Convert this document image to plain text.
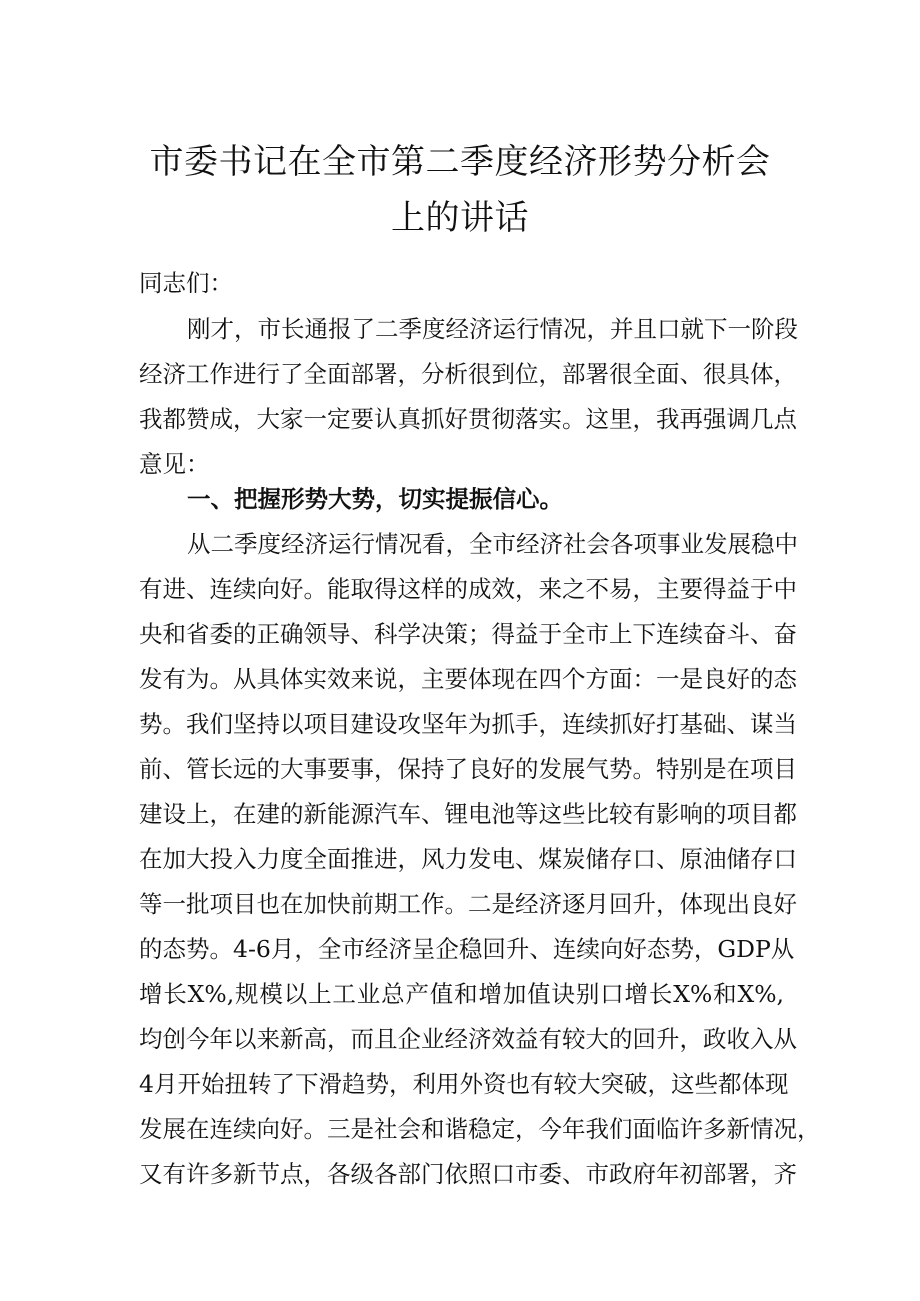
市委书记在全市第二季度经济形势分析会
上的讲话

同志们：

刚才，市长通报了二季度经济运行情况，并且口就下一阶段

经济工作进行了全面部署，分析很到位，部署很全面、很具体，

我都赞成，大家一定要认真抓好贯彻落实。这里，我再强调几点

意见：

一、把握形势大势，切实提振信心。

从二季度经济运行情况看，全市经济社会各项事业发展稳中

有进、连续向好。能取得这样的成效，来之不易，主要得益于中

央和省委的正确领导、科学决策；得益于全市上下连续奋斗、奋

发有为。从具体实效来说，主要体现在四个方面：一是良好的态

势。我们坚持以项目建设攻坚年为抓手，连续抓好打基础、谋当

前、管长远的大事要事，保持了良好的发展气势。特别是在项目

建设上，在建的新能源汽车、锂电池等这些比较有影响的项目都

在加大投入力度全面推进，风力发电、煤炭储存口、原油储存口

等一批项目也在加快前期工作。二是经济逐月回升，体现出良好

的态势。4-6月，全市经济呈企稳回升、连续向好态势，GDP从

增长X%,规模以上工业总产值和增加值诀别口增长X%和X%,

均创今年以来新高，而且企业经济效益有较大的回升，政收入从

4月开始扭转了下滑趋势，利用外资也有较大突破，这些都体现

发展在连续向好。三是社会和谐稳定，今年我们面临许多新情况，

又有许多新节点，各级各部门依照口市委、市政府年初部署，齐
